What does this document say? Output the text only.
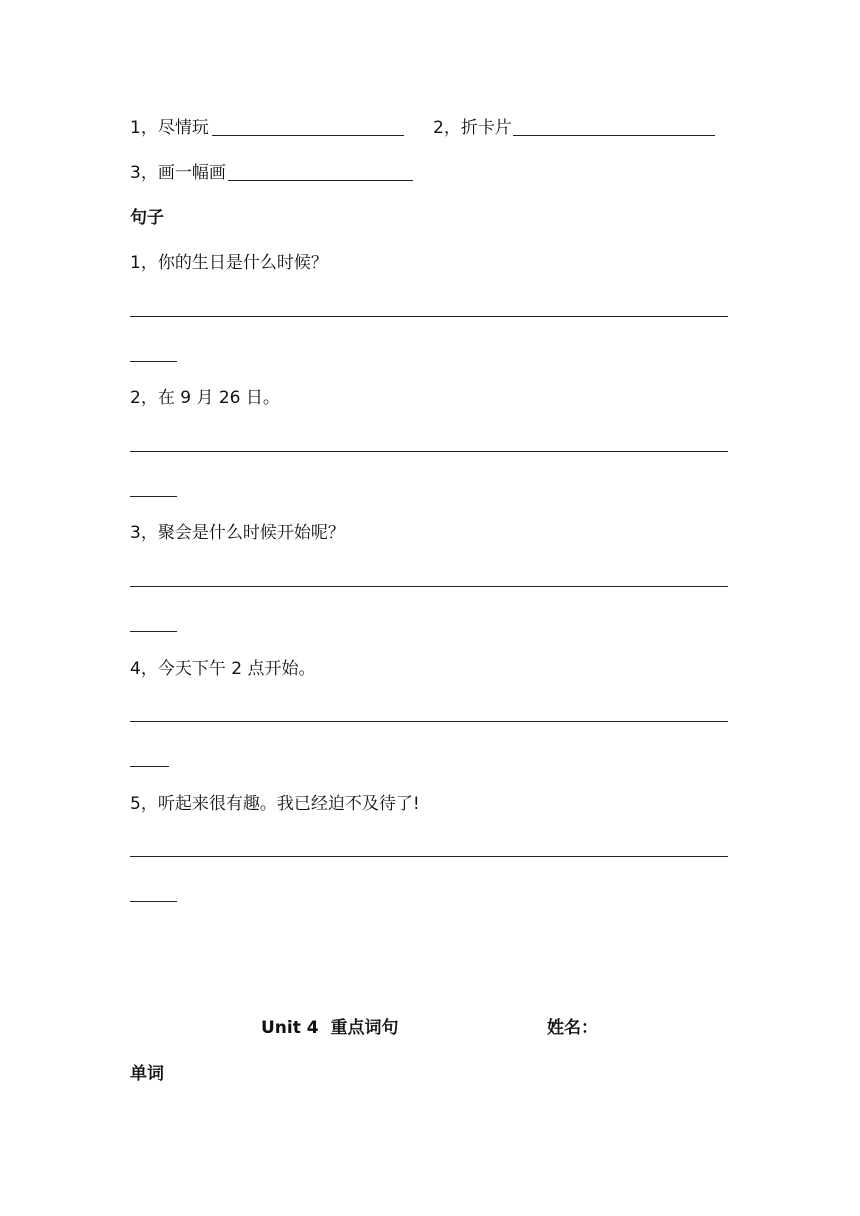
1，尽情玩	2，折卡片
3，画一幅画
句子
1，你的生日是什么时候？
2，在 9 月 26 日。
3，聚会是什么时候开始呢？
4，今天下午 2 点开始。
5，听起来很有趣。我已经迫不及待了!
Unit 4  重点词句	姓名：
单词
